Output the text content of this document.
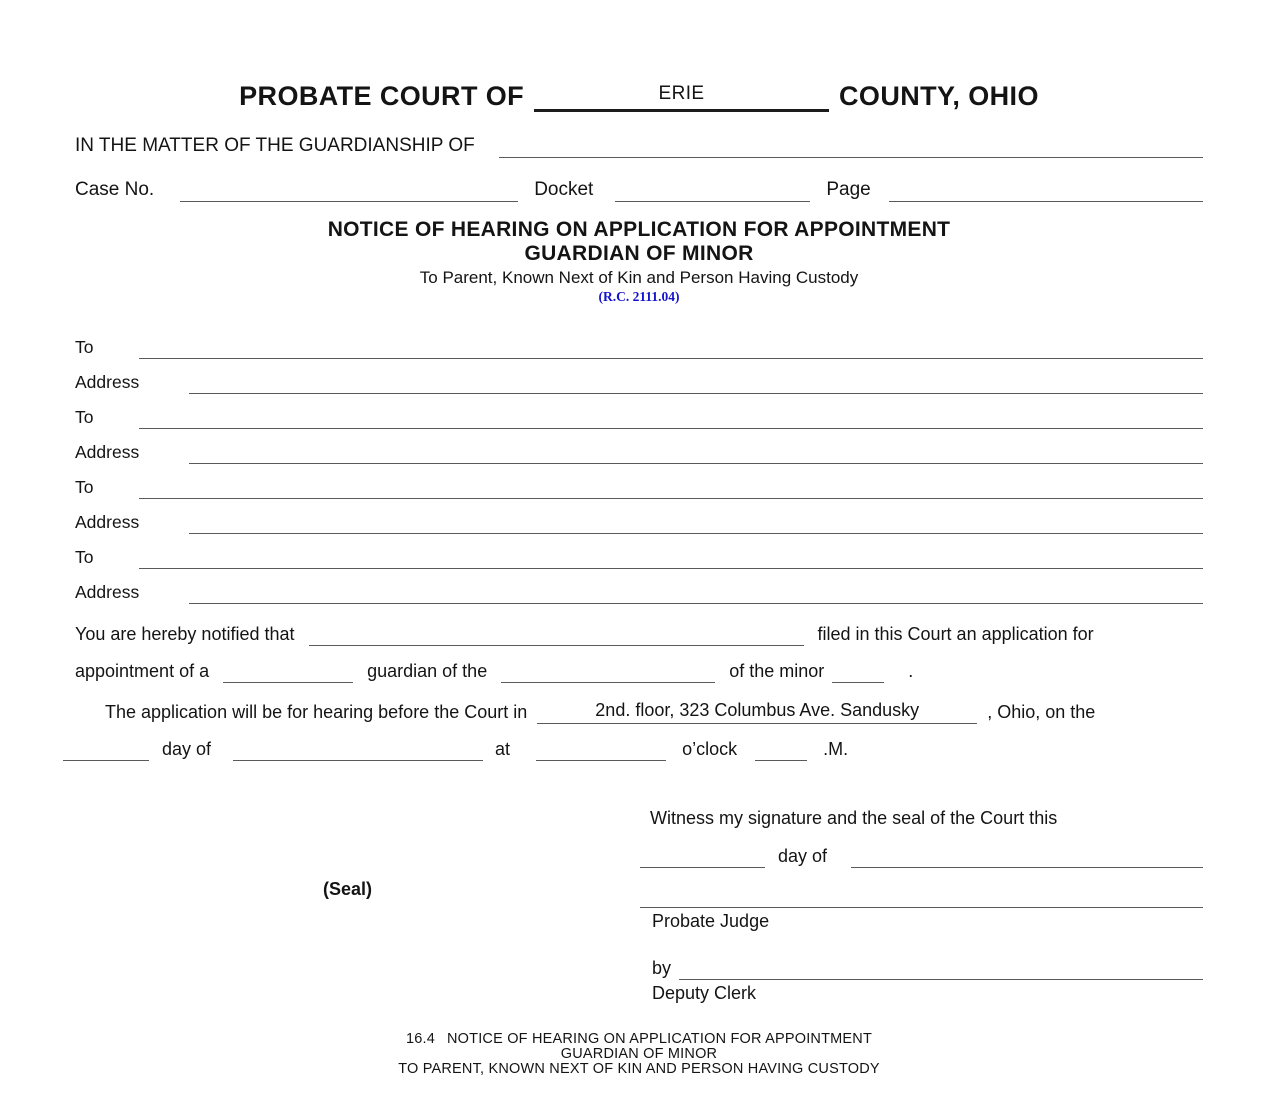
PROBATE COURT OF	ERIE	COUNTY, OHIO
IN THE MATTER OF THE GUARDIANSHIP OF
Case No.	Docket	Page
NOTICE OF HEARING ON APPLICATION FOR APPOINTMENT
GUARDIAN OF MINOR
To Parent, Known Next of Kin and Person Having Custody
(R.C. 2111.04)
To
Address
To
Address
To
Address
To
Address
You are hereby notified that	filed in this Court an application for
appointment of a	guardian of the	of the minor	.
The application will be for hearing before the Court in	2nd. floor, 323 Columbus Ave. Sandusky	, Ohio, on the
day of	at	o’clock	.M.
(Seal)
Witness my signature and the seal of the Court this
day of
Probate Judge
by
Deputy Clerk
16.4 NOTICE OF HEARING ON APPLICATION FOR APPOINTMENT
GUARDIAN OF MINOR
TO PARENT, KNOWN NEXT OF KIN AND PERSON HAVING CUSTODY
